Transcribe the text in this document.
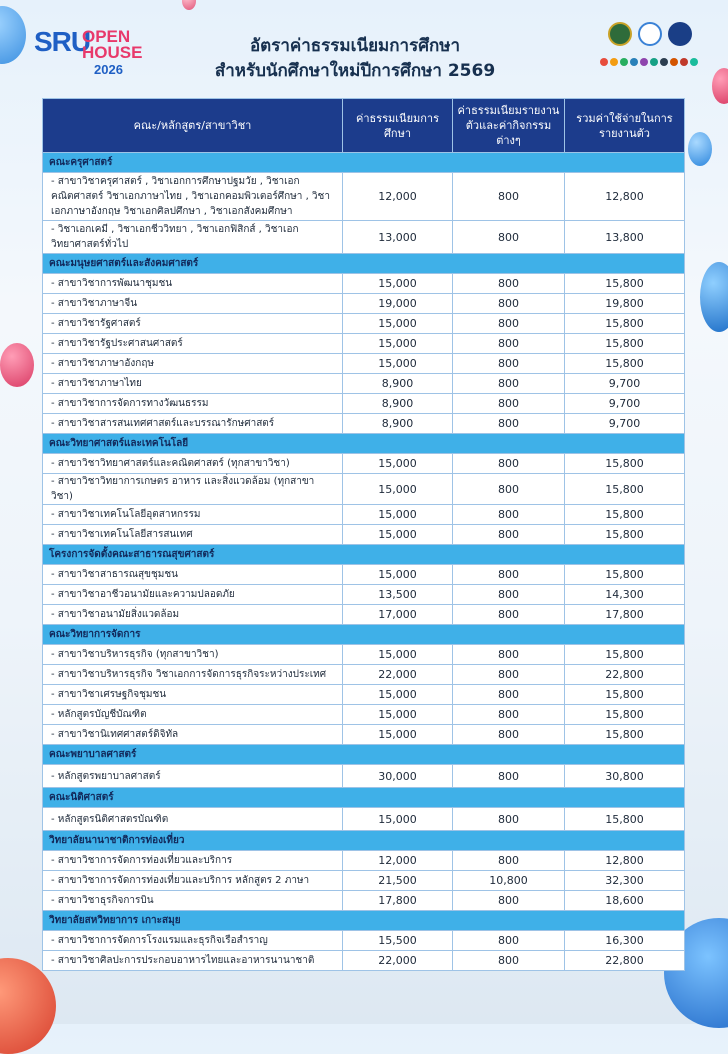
SRU
OPEN
HOUSE
2026
อัตราค่าธรรมเนียมการศึกษา
สำหรับนักศึกษาใหม่ปีการศึกษา 2569
คณะ/หลักสูตร/สาขาวิชา	ค่าธรรมเนียมการศึกษา	ค่าธรรมเนียมรายงานตัวและค่ากิจกรรมต่างๆ	รวมค่าใช้จ่ายในการรายงานตัว
คณะครุศาสตร์			
- สาขาวิชาครุศาสตร์ , วิชาเอกการศึกษาปฐมวัย , วิชาเอกคณิตศาสตร์ วิชาเอกภาษาไทย , วิชาเอกคอมพิวเตอร์ศึกษา , วิชาเอกภาษาอังกฤษ วิชาเอกศิลปศึกษา , วิชาเอกสังคมศึกษา	12,000	800	12,800
- วิชาเอกเคมี , วิชาเอกชีววิทยา , วิชาเอกฟิสิกส์ , วิชาเอกวิทยาศาสตร์ทั่วไป	13,000	800	13,800
คณะมนุษยศาสตร์และสังคมศาสตร์			
- สาขาวิชาการพัฒนาชุมชน	15,000	800	15,800
- สาขาวิชาภาษาจีน	19,000	800	19,800
- สาขาวิชารัฐศาสตร์	15,000	800	15,800
- สาขาวิชารัฐประศาสนศาสตร์	15,000	800	15,800
- สาขาวิชาภาษาอังกฤษ	15,000	800	15,800
- สาขาวิชาภาษาไทย	8,900	800	9,700
- สาขาวิชาการจัดการทางวัฒนธรรม	8,900	800	9,700
- สาขาวิชาสารสนเทศศาสตร์และบรรณารักษศาสตร์	8,900	800	9,700
คณะวิทยาศาสตร์และเทคโนโลยี			
- สาขาวิชาวิทยาศาสตร์และคณิตศาสตร์ (ทุกสาขาวิชา)	15,000	800	15,800
- สาขาวิชาวิทยาการเกษตร อาหาร และสิ่งแวดล้อม (ทุกสาขาวิชา)	15,000	800	15,800
- สาขาวิชาเทคโนโลยีอุตสาหกรรม	15,000	800	15,800
- สาขาวิชาเทคโนโลยีสารสนเทศ	15,000	800	15,800
โครงการจัดตั้งคณะสาธารณสุขศาสตร์			
- สาขาวิชาสาธารณสุขชุมชน	15,000	800	15,800
- สาขาวิชาอาชีวอนามัยและความปลอดภัย	13,500	800	14,300
- สาขาวิชาอนามัยสิ่งแวดล้อม	17,000	800	17,800
คณะวิทยาการจัดการ			
- สาขาวิชาบริหารธุรกิจ (ทุกสาขาวิชา)	15,000	800	15,800
- สาขาวิชาบริหารธุรกิจ วิชาเอกการจัดการธุรกิจระหว่างประเทศ	22,000	800	22,800
- สาขาวิชาเศรษฐกิจชุมชน	15,000	800	15,800
- หลักสูตรบัญชีบัณฑิต	15,000	800	15,800
- สาขาวิชานิเทศศาสตร์ดิจิทัล	15,000	800	15,800
คณะพยาบาลศาสตร์			
- หลักสูตรพยาบาลศาสตร์	30,000	800	30,800
คณะนิติศาสตร์			
- หลักสูตรนิติศาสตรบัณฑิต	15,000	800	15,800
วิทยาลัยนานาชาติการท่องเที่ยว			
- สาขาวิชาการจัดการท่องเที่ยวและบริการ	12,000	800	12,800
- สาขาวิชาการจัดการท่องเที่ยวและบริการ หลักสูตร 2 ภาษา	21,500	10,800	32,300
- สาขาวิชาธุรกิจการบิน	17,800	800	18,600
วิทยาลัยสหวิทยาการ เกาะสมุย			
- สาขาวิชาการจัดการโรงแรมและธุรกิจเรือสำราญ	15,500	800	16,300
- สาขาวิชาศิลปะการประกอบอาหารไทยและอาหารนานาชาติ	22,000	800	22,800
